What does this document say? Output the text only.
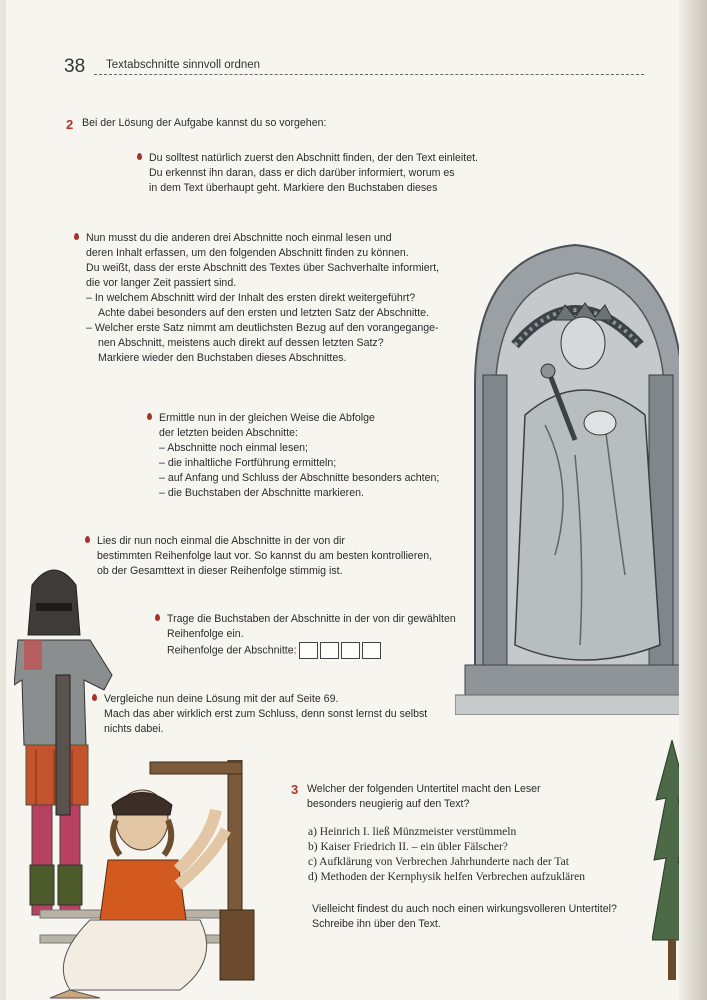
38 Textabschnitte sinnvoll ordnen
2 Bei der Lösung der Aufgabe kannst du so vorgehen:

Du solltest natürlich zuerst den Abschnitt finden, der den Text einleitet.

Du erkennst ihn daran, dass er dich darüber informiert, worum es

in dem Text überhaupt geht. Markiere den Buchstaben dieses

Nun musst du die anderen drei Abschnitte noch einmal lesen und

deren Inhalt erfassen, um den folgenden Abschnitt finden zu können.

Du weißt, dass der erste Abschnitt des Textes über Sachverhalte informiert,

die vor langer Zeit passiert sind.

– In welchem Abschnitt wird der Inhalt des ersten direkt weitergeführt?

Achte dabei besonders auf den ersten und letzten Satz der Abschnitte.

– Welcher erste Satz nimmt am deutlichsten Bezug auf den vorangegange-

nen Abschnitt, meistens auch direkt auf dessen letzten Satz?

Markiere wieder den Buchstaben dieses Abschnittes.

Ermittle nun in der gleichen Weise die Abfolge

der letzten beiden Abschnitte:

– Abschnitte noch einmal lesen;

– die inhaltliche Fortführung ermitteln;

– auf Anfang und Schluss der Abschnitte besonders achten;

– die Buchstaben der Abschnitte markieren.

Lies dir nun noch einmal die Abschnitte in der von dir

bestimmten Reihenfolge laut vor. So kannst du am besten kontrollieren,

ob der Gesamttext in dieser Reihenfolge stimmig ist.

Trage die Buchstaben der Abschnitte in der von dir gewählten

Reihenfolge ein.

Reihenfolge der Abschnitte:

Vergleiche nun deine Lösung mit der auf Seite 69.

Mach das aber wirklich erst zum Schluss, denn sonst lernst du selbst

nichts dabei.

3 Welcher der folgenden Untertitel macht den Leser

besonders neugierig auf den Text?

a) Heinrich I. ließ Münzmeister verstümmeln

b) Kaiser Friedrich II. – ein übler Fälscher?

c) Aufklärung von Verbrechen Jahrhunderte nach der Tat

d) Methoden der Kernphysik helfen Verbrechen aufzuklären

Vielleicht findest du auch noch einen wirkungsvolleren Untertitel?

Schreibe ihn über den Text.
